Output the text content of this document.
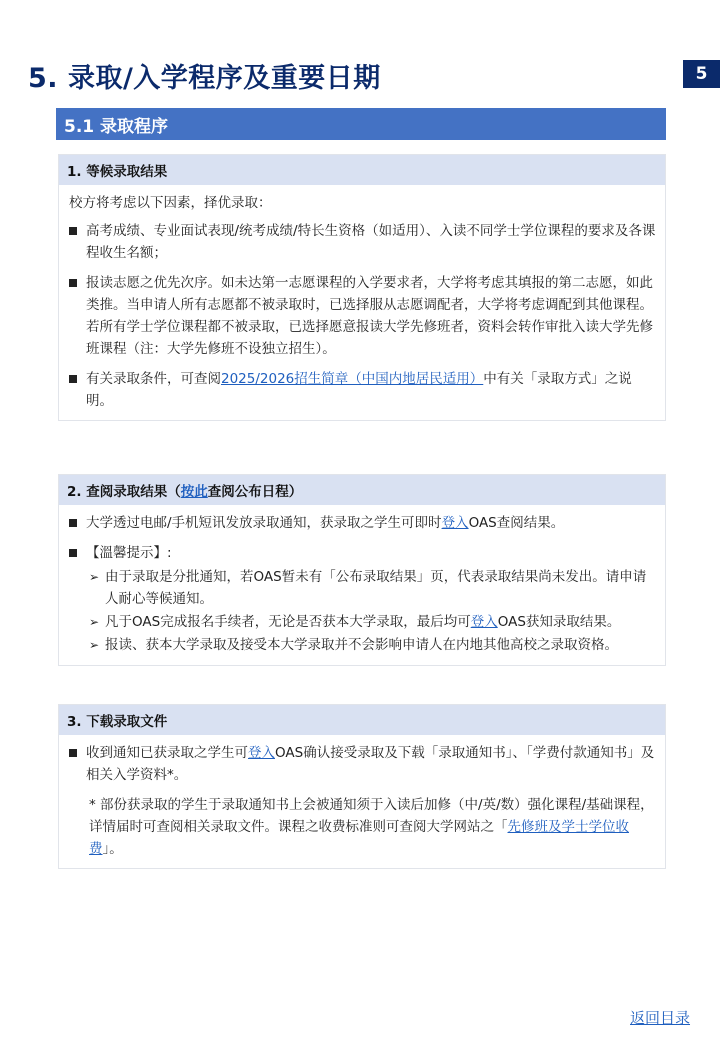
5. 录取/入学程序及重要日期	5
5.1 录取程序
1. 等候录取结果
校方将考虑以下因素，择优录取：
高考成绩、专业面试表现/统考成绩/特长生资格（如适用）、入读不同学士学位课程的要求及各课程收生名额；
报读志愿之优先次序。如未达第一志愿课程的入学要求者，大学将考虑其填报的第二志愿，如此类推。当申请人所有志愿都不被录取时，已选择服从志愿调配者，大学将考虑调配到其他课程。若所有学士学位课程都不被录取，已选择愿意报读大学先修班者，资料会转作审批入读大学先修班课程（注：大学先修班不设独立招生）。
有关录取条件，可查阅2025/2026招生简章（中国内地居民适用）中有关「录取方式」之说明。
2. 查阅录取结果（按此查阅公布日程）
大学透过电邮/手机短讯发放录取通知，获录取之学生可即时登入OAS查阅结果。
【溫馨提示】:
➢ 由于录取是分批通知，若OAS暂未有「公布录取结果」页，代表录取结果尚未发出。请申请人耐心等候通知。
➢ 凡于OAS完成报名手续者，无论是否获本大学录取，最后均可登入OAS获知录取结果。
➢ 报读、获本大学录取及接受本大学录取并不会影响申请人在内地其他高校之录取资格。
3. 下载录取文件
收到通知已获录取之学生可登入OAS确认接受录取及下载「录取通知书」、「学费付款通知书」及相关入学资料*。
* 部份获录取的学生于录取通知书上会被通知须于入读后加修（中/英/数）强化课程/基础课程，详情届时可查阅相关录取文件。课程之收费标准则可查阅大学网站之「先修班及学士学位收费」。
返回目录
